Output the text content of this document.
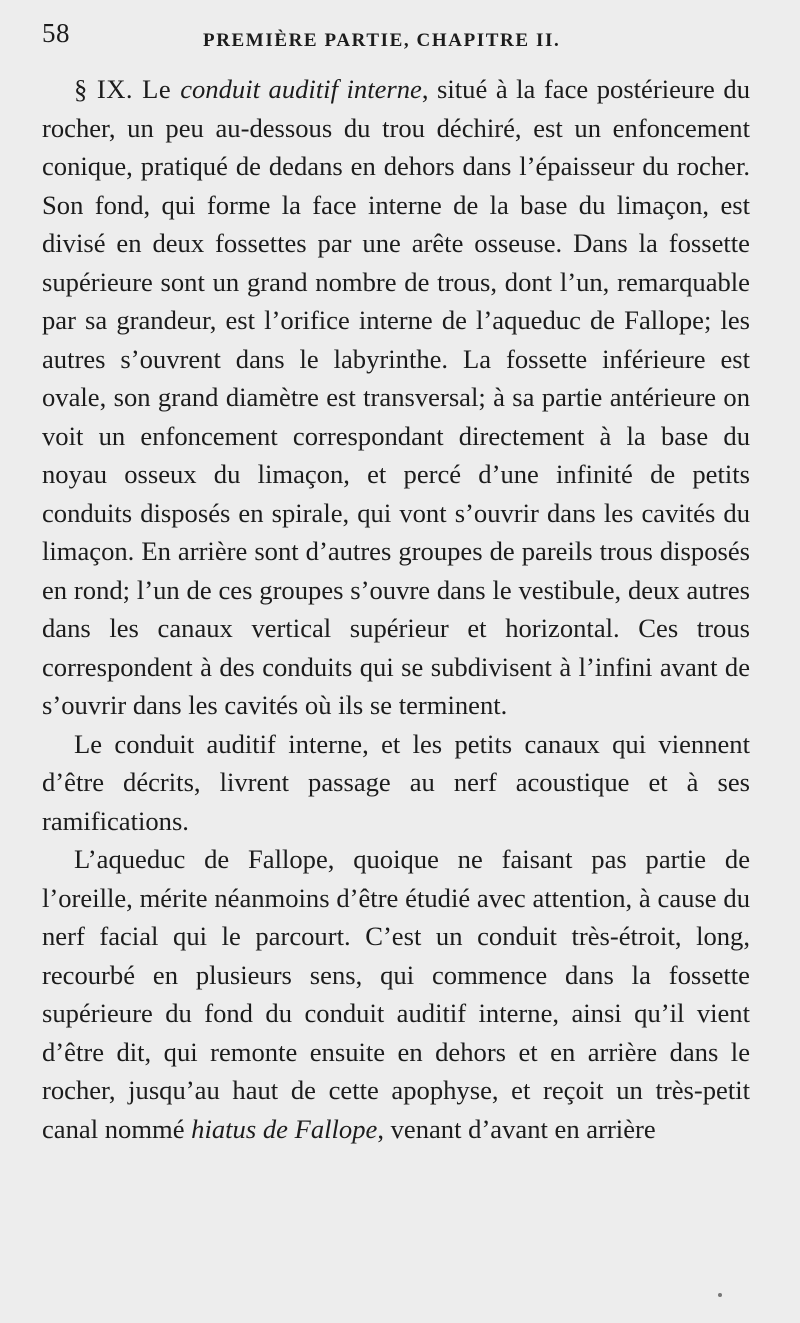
58	PREMIÈRE PARTIE, CHAPITRE II.

§ IX. Le conduit auditif interne, situé à la face postérieure du rocher, un peu au-dessous du trou déchiré, est un enfoncement conique, pratiqué de dedans en dehors dans l’épaisseur du rocher. Son fond, qui forme la face interne de la base du limaçon, est divisé en deux fossettes par une arête osseuse. Dans la fossette supérieure sont un grand nombre de trous, dont l’un, remarquable par sa grandeur, est l’orifice interne de l’aqueduc de Fallope; les autres s’ouvrent dans le labyrinthe. La fossette inférieure est ovale, son grand diamètre est transversal; à sa partie antérieure on voit un enfoncement correspondant directement à la base du noyau osseux du limaçon, et percé d’une infinité de petits conduits disposés en spirale, qui vont s’ouvrir dans les cavités du limaçon. En arrière sont d’autres groupes de pareils trous disposés en rond; l’un de ces groupes s’ouvre dans le vestibule, deux autres dans les canaux vertical supérieur et horizontal. Ces trous correspondent à des conduits qui se subdivisent à l’infini avant de s’ouvrir dans les cavités où ils se terminent.

Le conduit auditif interne, et les petits canaux qui viennent d’être décrits, livrent passage au nerf acoustique et à ses ramifications.

L’aqueduc de Fallope, quoique ne faisant pas partie de l’oreille, mérite néanmoins d’être étudié avec attention, à cause du nerf facial qui le parcourt. C’est un conduit très-étroit, long, recourbé en plusieurs sens, qui commence dans la fossette supérieure du fond du conduit auditif interne, ainsi qu’il vient d’être dit, qui remonte ensuite en dehors et en arrière dans le rocher, jusqu’au haut de cette apophyse, et reçoit un très-petit canal nommé hiatus de Fallope, venant d’avant en arrière
